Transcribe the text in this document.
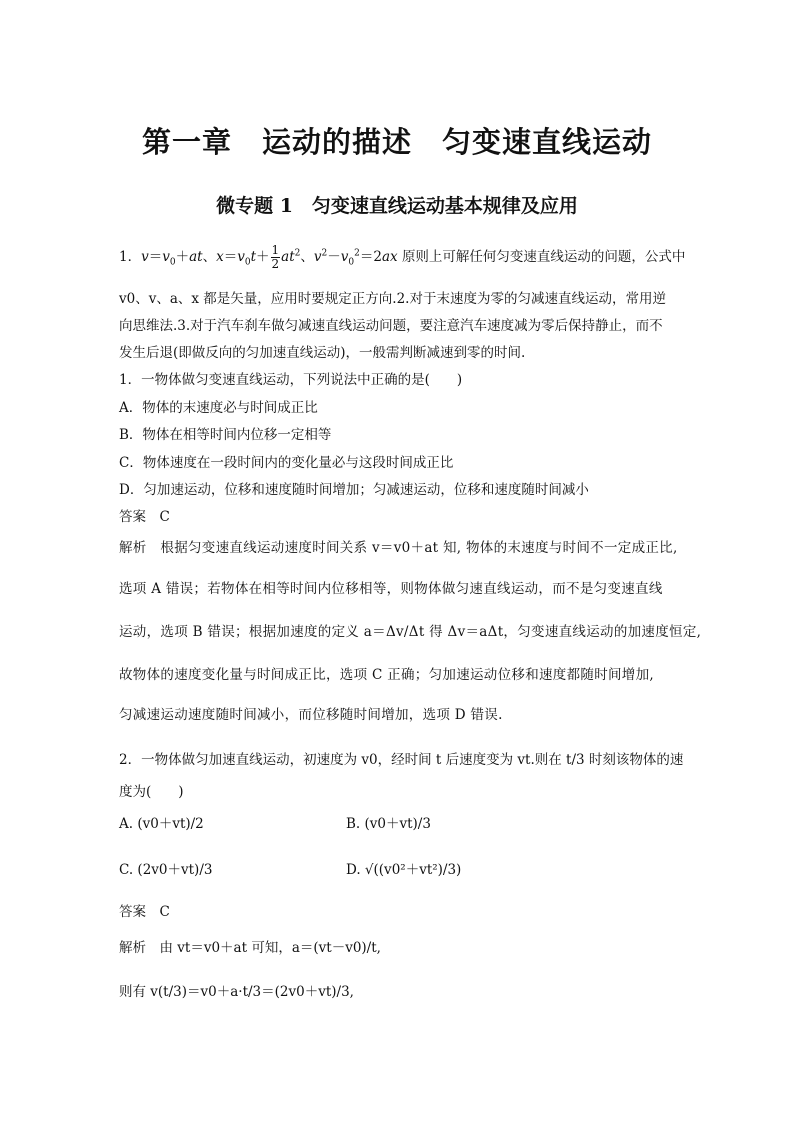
第一章　运动的描述　匀变速直线运动
微专题 1　匀变速直线运动基本规律及应用
1．$v=v_0+at$、$x=v_0t+ \frac{1}{2} at^2$、$v^2-v_0^2=2ax$ 原则上可解任何匀变速直线运动的问题，公式中
v0、v、a、x 都是矢量，应用时要规定正方向.2.对于末速度为零的匀减速直线运动，常用逆
向思维法.3.对于汽车刹车做匀减速直线运动问题，要注意汽车速度减为零后保持静止，而不
发生后退(即做反向的匀加速直线运动)，一般需判断减速到零的时间.
1．一物体做匀变速直线运动，下列说法中正确的是(　　)
A．物体的末速度必与时间成正比
B．物体在相等时间内位移一定相等
C．物体速度在一段时间内的变化量必与这段时间成正比
D．匀加速运动，位移和速度随时间增加；匀减速运动，位移和速度随时间减小
答案　C
解析　根据匀变速直线运动速度时间关系 v＝v0＋at 知, 物体的末速度与时间不一定成正比,
选项 A 错误；若物体在相等时间内位移相等，则物体做匀速直线运动，而不是匀变速直线
运动，选项 B 错误；根据加速度的定义 a＝Δv/Δt 得 Δv＝aΔt，匀变速直线运动的加速度恒定,
故物体的速度变化量与时间成正比，选项 C 正确；匀加速运动位移和速度都随时间增加,
匀减速运动速度随时间减小，而位移随时间增加，选项 D 错误.
2．一物体做匀加速直线运动，初速度为 v0，经时间 t 后速度变为 vt.则在 t/3 时刻该物体的速
度为(　　)
A. (v0＋vt)/2	B. (v0＋vt)/3
C. (2v0＋vt)/3	D. √((v0²＋vt²)/3)
答案　C
解析　由 vt＝v0＋at 可知，a＝(vt－v0)/t,
则有 v(t/3)＝v0＋a·t/3＝(2v0＋vt)/3,
